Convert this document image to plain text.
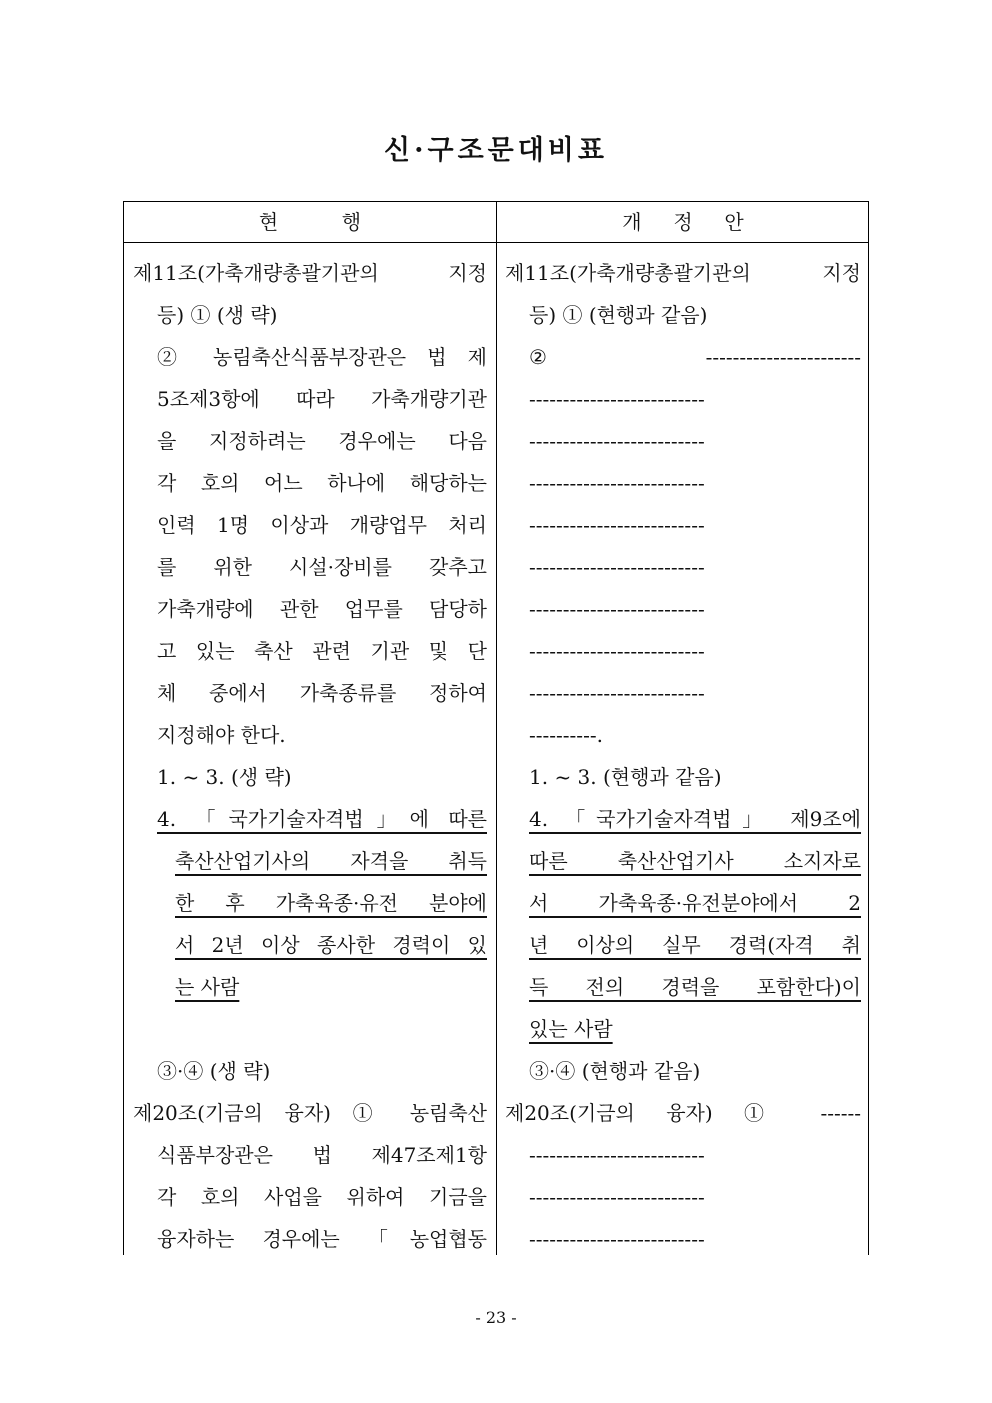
신·구조문대비표
현          행	개     정     안
제11조(가축개량총괄기관의 지정
등) ① (생 략)
② 농림축산식품부장관은 법 제
5조제3항에 따라 가축개량기관
을 지정하려는 경우에는 다음
각 호의 어느 하나에 해당하는
인력 1명 이상과 개량업무 처리
를 위한 시설·장비를 갖추고
가축개량에 관한 업무를 담당하
고 있는 축산 관련 기관 및 단
체 중에서 가축종류를 정하여
지정해야 한다.
1. ~ 3. (생 략)
4. 「국가기술자격법」에 따른
축산산업기사의 자격을 취득
한 후 가축육종·유전 분야에
서 2년 이상 종사한 경력이 있
는 사람
③·④ (생 략)
제20조(기금의 융자) ① 농림축산
식품부장관은 법 제47조제1항
각 호의 사업을 위하여 기금을
융자하는 경우에는 「농업협동
제11조(가축개량총괄기관의 지정
등) ① (현행과 같음)
② -----------------------
--------------------------
--------------------------
--------------------------
--------------------------
--------------------------
--------------------------
--------------------------
--------------------------
----------.
1. ~ 3. (현행과 같음)
4. 「국가기술자격법」 제9조에
따른 축산산업기사 소지자로
서 가축육종·유전분야에서 2
년 이상의 실무 경력(자격 취
득 전의 경력을 포함한다)이
있는 사람
③·④ (현행과 같음)
제20조(기금의 융자) ① ------
--------------------------
--------------------------
--------------------------
- 23 -
